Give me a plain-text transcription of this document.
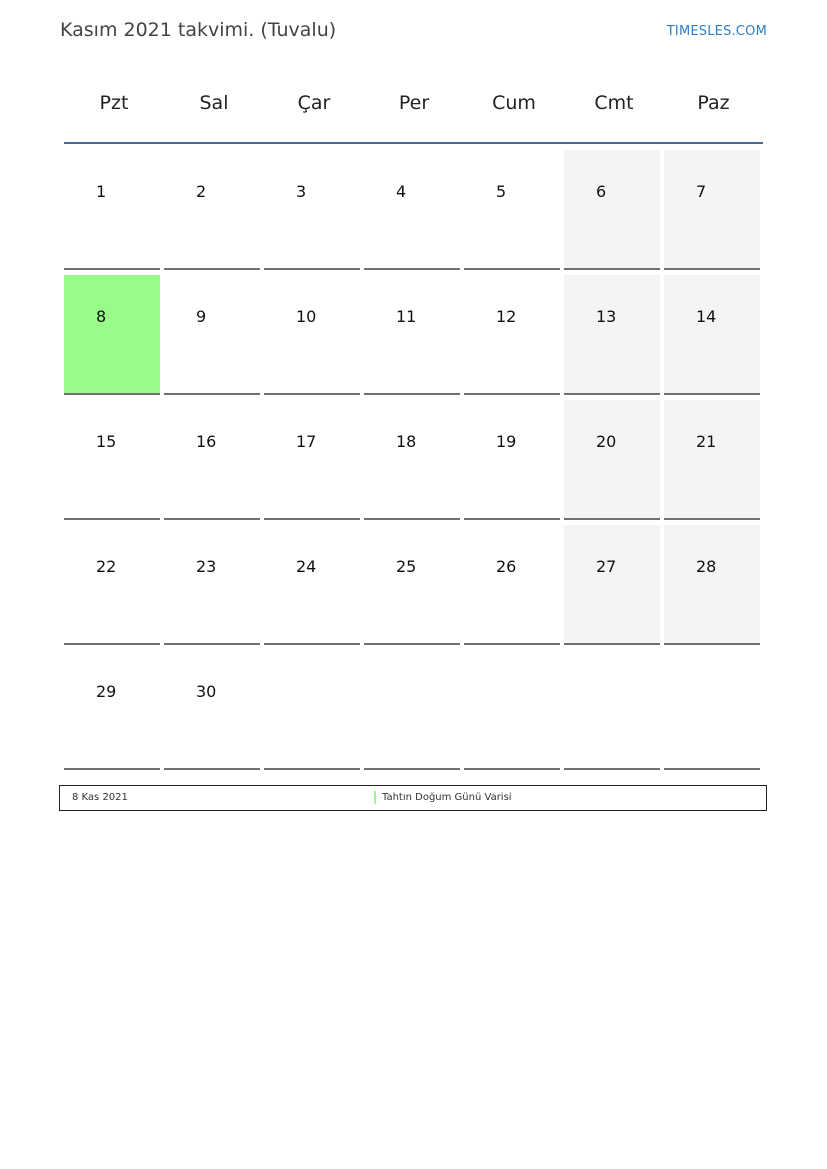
Kasım 2021 takvimi. (Tuvalu)	TIMESLES.COM
Pzt	Sal	Çar	Per	Cum	Cmt	Paz
1	2	3	4	5	6	7
8	9	10	11	12	13	14
15	16	17	18	19	20	21
22	23	24	25	26	27	28
29	30
8 Kas 2021	Tahtın Doğum Günü Varisi
